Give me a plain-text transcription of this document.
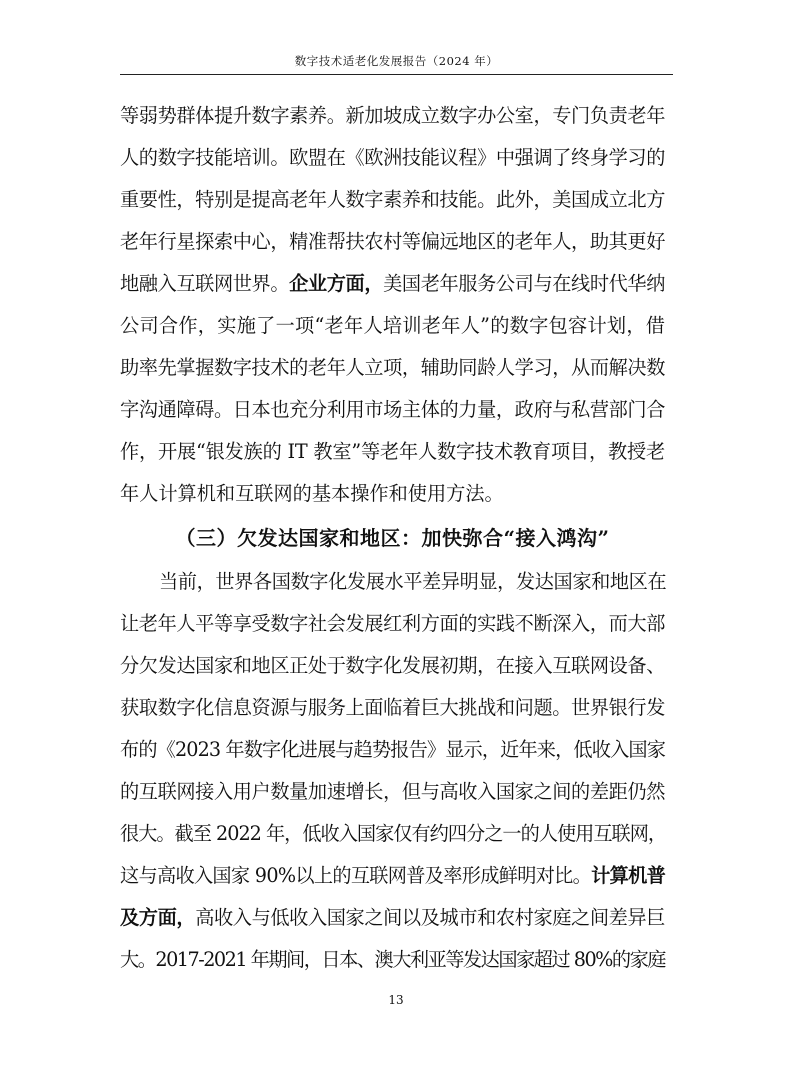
数字技术适老化发展报告（2024 年）
等弱势群体提升数字素养。新加坡成立数字办公室，专门负责老年
人的数字技能培训。欧盟在《欧洲技能议程》中强调了终身学习的
重要性，特别是提高老年人数字素养和技能。此外，美国成立北方
老年行星探索中心，精准帮扶农村等偏远地区的老年人，助其更好
地融入互联网世界。企业方面，美国老年服务公司与在线时代华纳
公司合作，实施了一项“老年人培训老年人”的数字包容计划，借
助率先掌握数字技术的老年人立项，辅助同龄人学习，从而解决数
字沟通障碍。日本也充分利用市场主体的力量，政府与私营部门合
作，开展“银发族的 IT 教室”等老年人数字技术教育项目，教授老
年人计算机和互联网的基本操作和使用方法。
（三）欠发达国家和地区：加快弥合“接入鸿沟”
当前，世界各国数字化发展水平差异明显，发达国家和地区在
让老年人平等享受数字社会发展红利方面的实践不断深入，而大部
分欠发达国家和地区正处于数字化发展初期，在接入互联网设备、
获取数字化信息资源与服务上面临着巨大挑战和问题。世界银行发
布的《2023 年数字化进展与趋势报告》显示，近年来，低收入国家
的互联网接入用户数量加速增长，但与高收入国家之间的差距仍然
很大。截至 2022 年，低收入国家仅有约四分之一的人使用互联网，
这与高收入国家 90%以上的互联网普及率形成鲜明对比。计算机普
及方面，高收入与低收入国家之间以及城市和农村家庭之间差异巨
大。2017-2021 年期间，日本、澳大利亚等发达国家超过 80%的家庭
13
